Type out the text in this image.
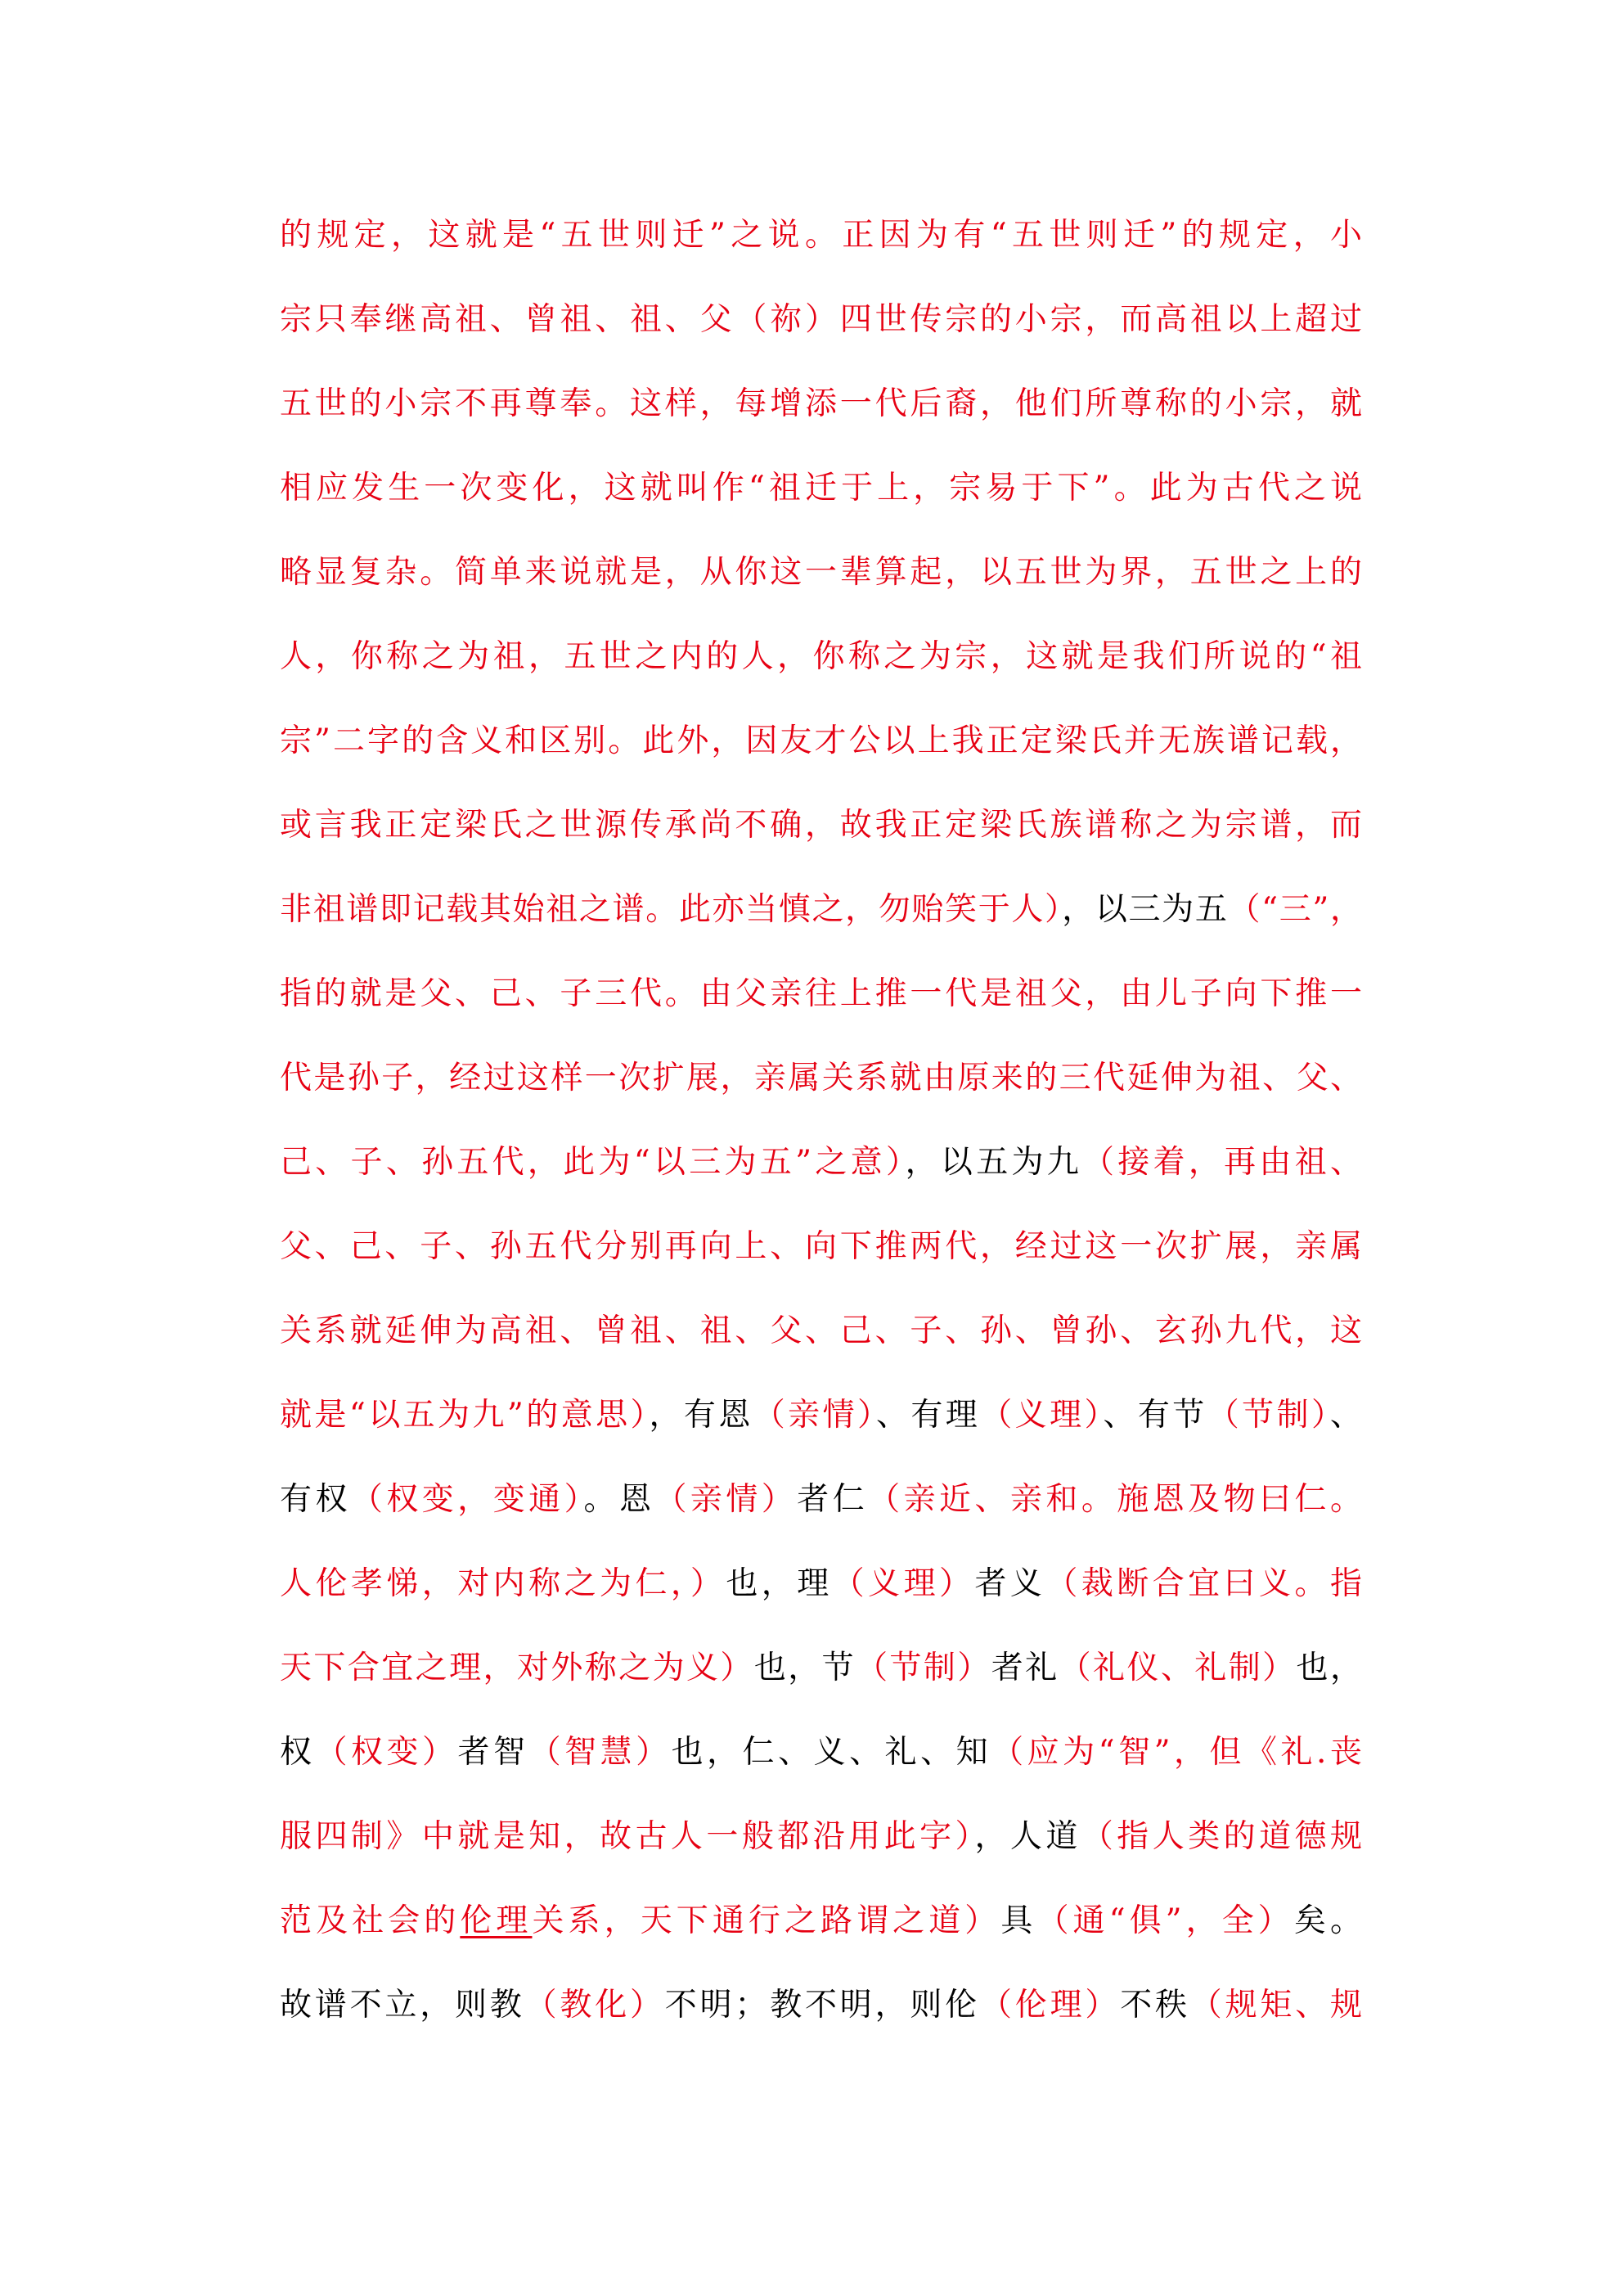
的规定，这就是“五世则迁”之说。正因为有“五世则迁”的规定，小
宗只奉继高祖、曾祖、祖、父（祢）四世传宗的小宗，而高祖以上超过
五世的小宗不再尊奉。这样，每增添一代后裔，他们所尊称的小宗，就
相应发生一次变化，这就叫作“祖迁于上，宗易于下”。此为古代之说
略显复杂。简单来说就是，从你这一辈算起，以五世为界，五世之上的
人，你称之为祖，五世之内的人，你称之为宗，这就是我们所说的“祖
宗”二字的含义和区别。此外，因友才公以上我正定梁氏并无族谱记载，
或言我正定梁氏之世源传承尚不确，故我正定梁氏族谱称之为宗谱，而
非祖谱即记载其始祖之谱。此亦当慎之，勿贻笑于人），以三为五（“三”，
指的就是父、己、子三代。由父亲往上推一代是祖父，由儿子向下推一
代是孙子，经过这样一次扩展，亲属关系就由原来的三代延伸为祖、父、
己、子、孙五代，此为“以三为五”之意），以五为九（接着，再由祖、
父、己、子、孙五代分别再向上、向下推两代，经过这一次扩展，亲属
关系就延伸为高祖、曾祖、祖、父、己、子、孙、曾孙、玄孙九代，这
就是“以五为九”的意思），有恩（亲情）、有理（义理）、有节（节制）、
有权（权变，变通）。恩（亲情）者仁（亲近、亲和。施恩及物曰仁。
人伦孝悌，对内称之为仁，）也，理（义理）者义（裁断合宜曰义。指
天下合宜之理，对外称之为义）也，节（节制）者礼（礼仪、礼制）也，
权（权变）者智（智慧）也，仁、义、礼、知（应为“智”，但《礼.丧
服四制》中就是知，故古人一般都沿用此字），人道（指人类的道德规
范及社会的伦理关系，天下通行之路谓之道）具（通“俱”，全）矣。
故谱不立，则教（教化）不明；教不明，则伦（伦理）不秩（规矩、规
